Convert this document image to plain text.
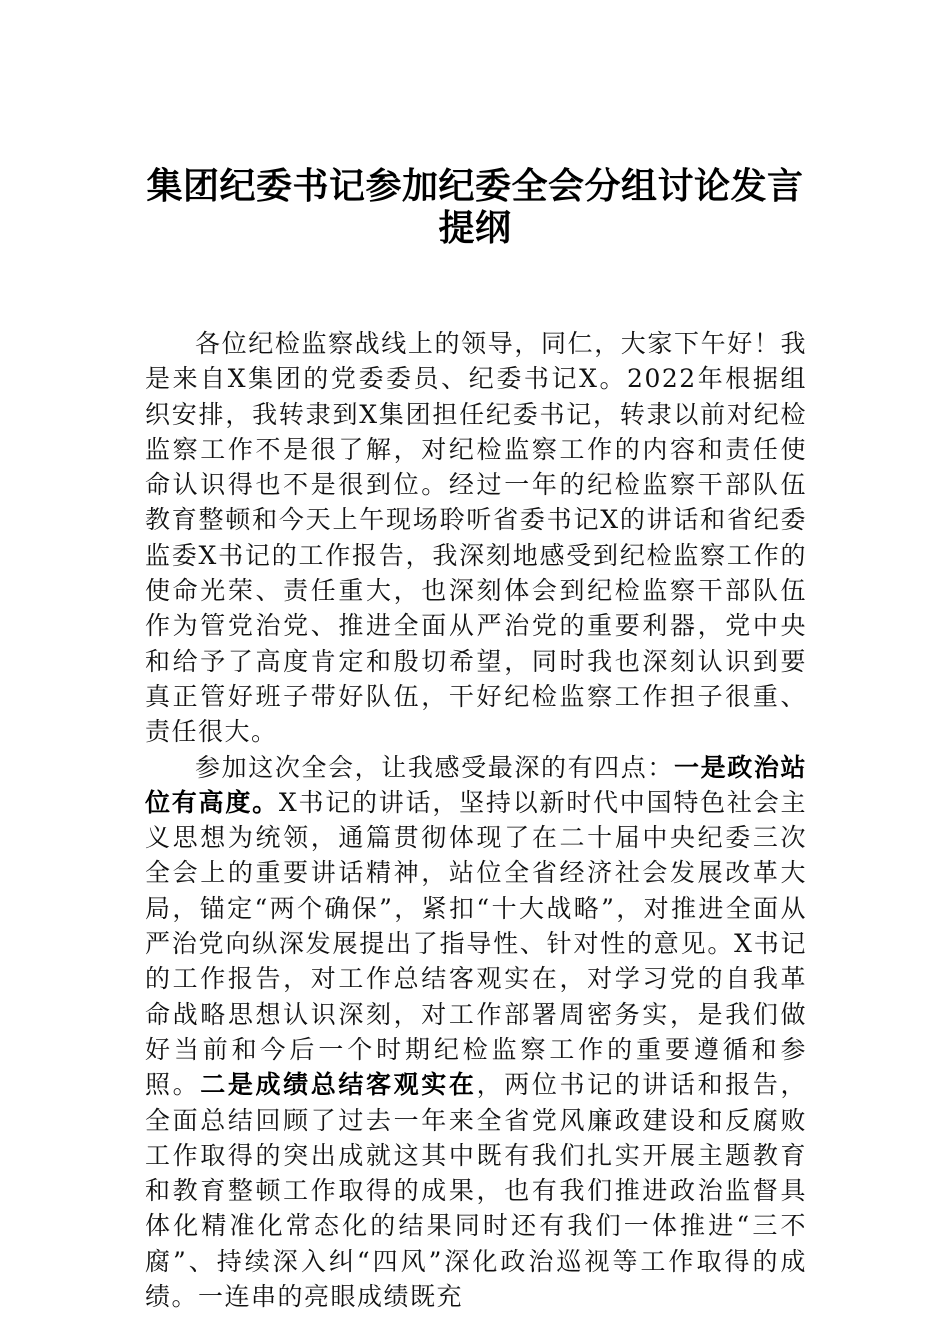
集团纪委书记参加纪委全会分组讨论发言
提纲

各位纪检监察战线上的领导，同仁，大家下午好！我是来自X集团的党委委员、纪委书记X。2022年根据组织安排，我转隶到X集团担任纪委书记，转隶以前对纪检监察工作不是很了解，对纪检监察工作的内容和责任使命认识得也不是很到位。经过一年的纪检监察干部队伍教育整顿和今天上午现场聆听省委书记X的讲话和省纪委监委X书记的工作报告，我深刻地感受到纪检监察工作的使命光荣、责任重大，也深刻体会到纪检监察干部队伍作为管党治党、推进全面从严治党的重要利器，党中央和给予了高度肯定和殷切希望，同时我也深刻认识到要真正管好班子带好队伍，干好纪检监察工作担子很重、责任很大。

参加这次全会，让我感受最深的有四点：一是政治站位有高度。X书记的讲话，坚持以新时代中国特色社会主义思想为统领，通篇贯彻体现了在二十届中央纪委三次全会上的重要讲话精神，站位全省经济社会发展改革大局，锚定“两个确保”，紧扣“十大战略”，对推进全面从严治党向纵深发展提出了指导性、针对性的意见。X书记的工作报告，对工作总结客观实在，对学习党的自我革命战略思想认识深刻，对工作部署周密务实，是我们做好当前和今后一个时期纪检监察工作的重要遵循和参照。二是成绩总结客观实在，两位书记的讲话和报告，全面总结回顾了过去一年来全省党风廉政建设和反腐败工作取得的突出成就这其中既有我们扎实开展主题教育和教育整顿工作取得的成果，也有我们推进政治监督具体化精准化常态化的结果同时还有我们一体推进“三不腐”、持续深入纠“四风”深化政治巡视等工作取得的成绩。一连串的亮眼成绩既充
